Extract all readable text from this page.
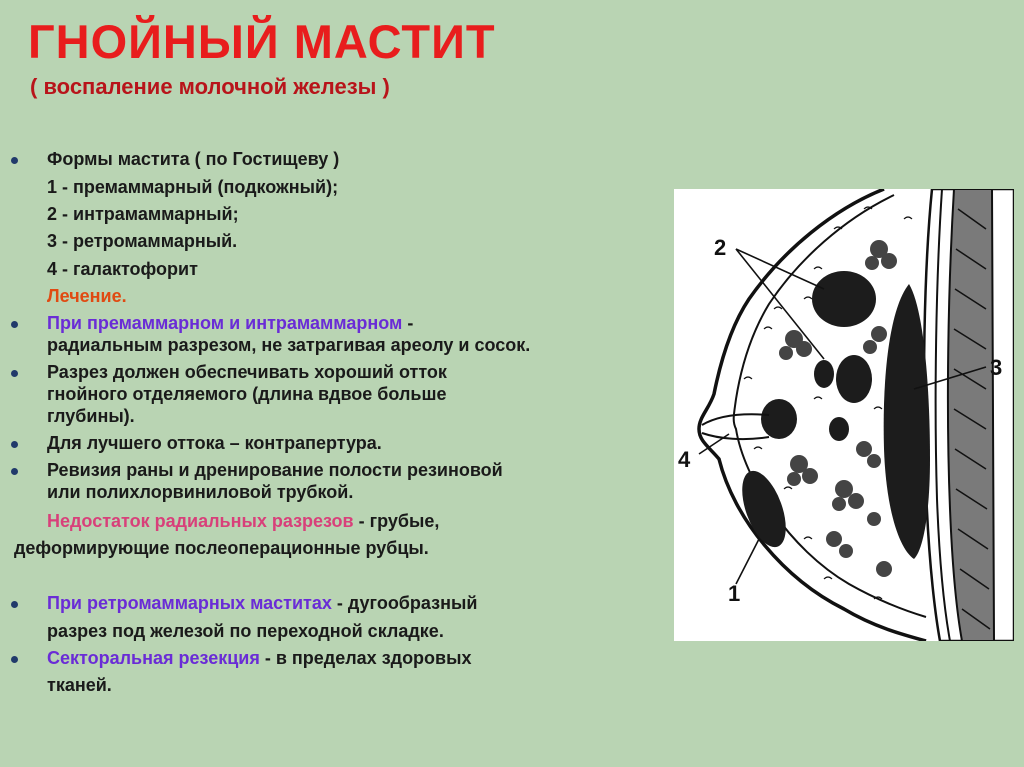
ГНОЙНЫЙ МАСТИТ
( воспаление молочной железы )
Формы мастита ( по Гостищеву )
1 - премаммарный (подкожный);
2 - интрамаммарный;
3 - ретромаммарный.
4 - галактофорит
Лечение.
При премаммарном и интрамаммарном -
радиальным разрезом, не затрагивая ареолу и сосок.
Разрез должен обеспечивать хороший отток
гнойного отделяемого (длина вдвое больше
глубины).
Для лучшего оттока – контрапертура.
Ревизия раны и дренирование полости резиновой
или полихлорвиниловой трубкой.
Недостаток радиальных разрезов - грубые,
деформирующие послеоперационные рубцы.
При ретромаммарных маститах - дугообразный
разрез под железой по переходной складке.
Секторальная резекция - в пределах здоровых
тканей.
2
3
4
1
